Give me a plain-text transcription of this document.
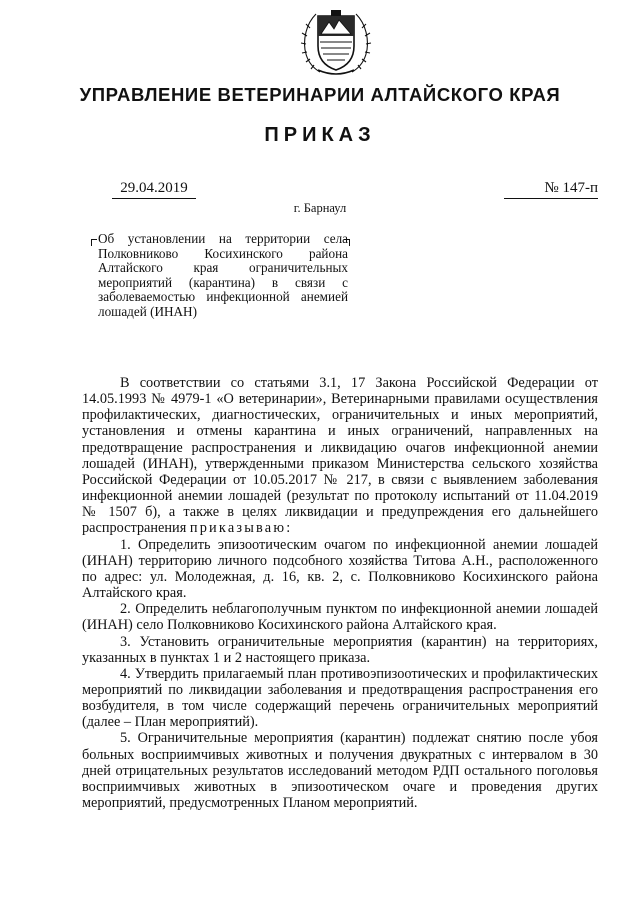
УПРАВЛЕНИЕ ВЕТЕРИНАРИИ АЛТАЙСКОГО КРАЯ
ПРИКАЗ
29.04.2019	№ 147-п
г. Барнаул
Об установлении на территории села Полковниково Косихинского района Алтайского края ограничительных мероприятий (карантина) в связи с заболеваемостью инфекционной анемией лошадей (ИНАН)

В соответствии со статьями 3.1, 17 Закона Российской Федерации от 14.05.1993 № 4979-1 «О ветеринарии», Ветеринарными правилами осуществления профилактических, диагностических, ограничительных и иных мероприятий, установления и отмены карантина и иных ограничений, направленных на предотвращение распространения и ликвидацию очагов инфекционной анемии лошадей (ИНАН), утвержденными приказом Министерства сельского хозяйства Российской Федерации от 10.05.2017 № 217, в связи с выявлением заболевания инфекционной анемии лошадей (результат по протоколу испытаний от 11.04.2019 № 1507 б), а также в целях ликвидации и предупреждения его дальнейшего распространения приказываю:

1. Определить эпизоотическим очагом по инфекционной анемии лошадей (ИНАН) территорию личного подсобного хозяйства Титова А.Н., расположенного по адрес: ул. Молодежная, д. 16, кв. 2, с. Полковниково Косихинского района Алтайского края.

2. Определить неблагополучным пунктом по инфекционной анемии лошадей (ИНАН) село Полковниково Косихинского района Алтайского края.

3. Установить ограничительные мероприятия (карантин) на территориях, указанных в пунктах 1 и 2 настоящего приказа.

4. Утвердить прилагаемый план противоэпизоотических и профилактических мероприятий по ликвидации заболевания и предотвращения распространения его возбудителя, в том числе содержащий перечень ограничительных мероприятий (далее – План мероприятий).

5. Ограничительные мероприятия (карантин) подлежат снятию после убоя больных восприимчивых животных и получения двукратных с интервалом в 30 дней отрицательных результатов исследований методом РДП остального поголовья восприимчивых животных в эпизоотическом очаге и проведения других мероприятий, предусмотренных Планом мероприятий.
